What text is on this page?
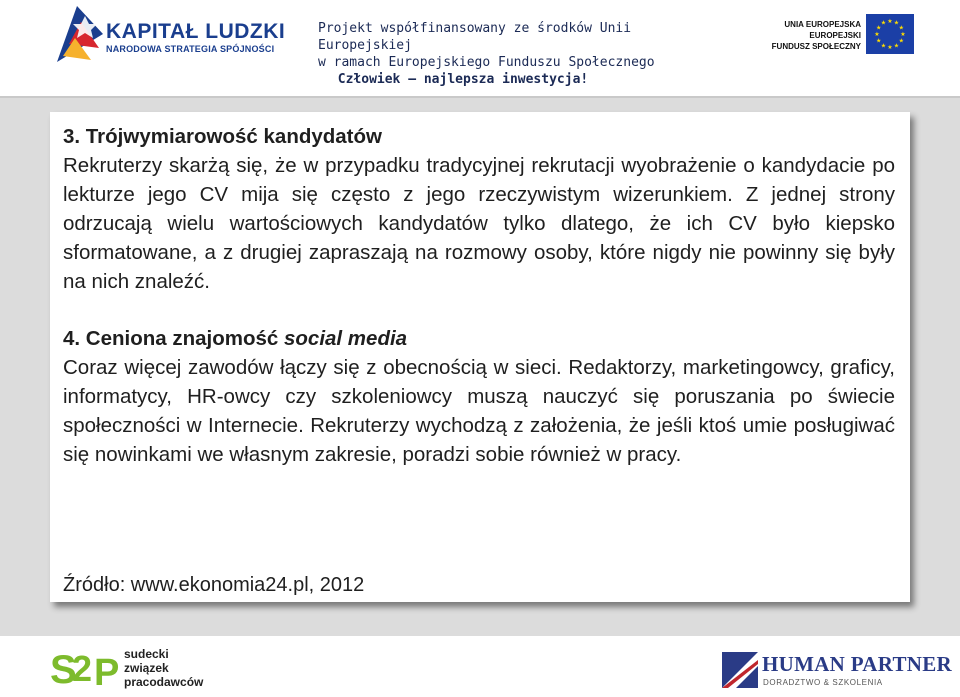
KAPITAŁ LUDZKI
NARODOWA STRATEGIA SPÓJNOŚCI
Projekt współfinansowany ze środków Unii Europejskiej
w ramach Europejskiego Funduszu Społecznego

Człowiek – najlepsza inwestycja!
UNIA EUROPEJSKA
EUROPEJSKI
FUNDUSZ SPOŁECZNY
★ ★
★
★
★
★
★
★
★
★
★
★
3. Trójwymiarowość kandydatów

Rekruterzy skarżą się, że w przypadku tradycyjnej rekrutacji wyobrażenie o kandydacie po lekturze jego CV mija się często z jego rzeczywistym wizerunkiem. Z jednej strony odrzucają wielu wartościowych kandydatów tylko dlatego, że ich CV było kiepsko sformatowane, a z drugiej zapraszają na rozmowy osoby, które nigdy nie powinny się były na nich znaleźć.

4. Ceniona znajomość social media

Coraz więcej zawodów łączy się z obecnością w sieci. Redaktorzy, marketingowcy, graficy, informatycy, HR-owcy czy szkoleniowcy muszą nauczyć się poruszania po świecie społeczności w Internecie. Rekruterzy wychodzą z założenia, że jeśli ktoś umie posługiwać się nowinkami we własnym zakresie, poradzi sobie również w pracy.

Źródło: www.ekonomia24.pl, 2012
S
2 P sudecki
związek
pracodawców
HUMAN PARTNER
DORADZTWO & SZKOLENIA
